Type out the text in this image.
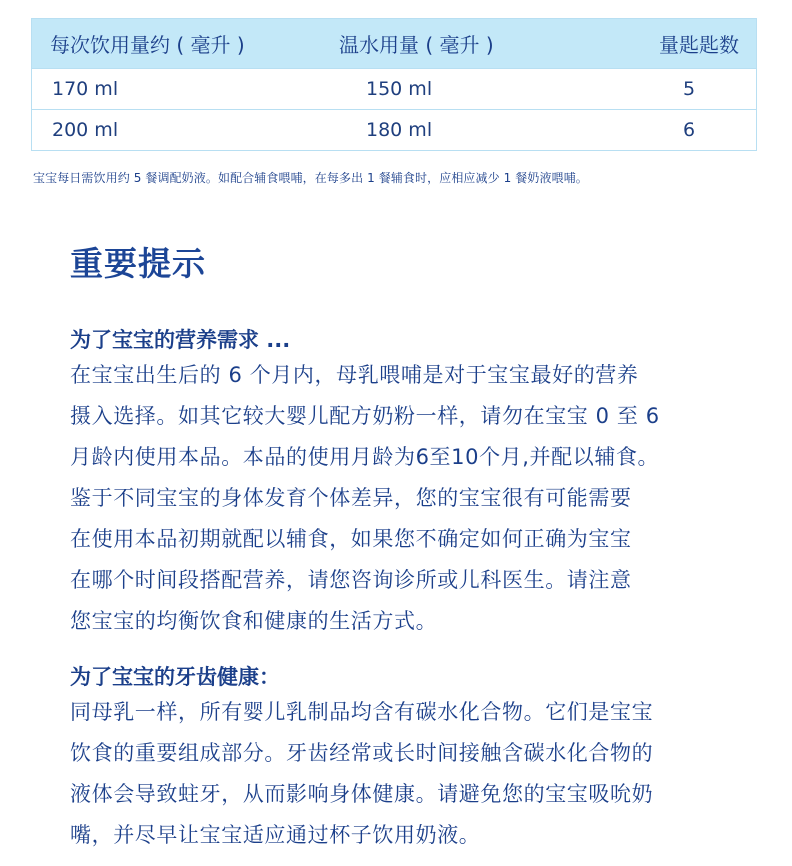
每次饮用量约 ( 毫升 )	温水用量 ( 毫升 )	量匙匙数
170 ml	150 ml	5
200 ml	180 ml	6
宝宝每日需饮用约 5 餐调配奶液。如配合辅食喂哺，在每多出 1 餐辅食时，应相应减少 1 餐奶液喂哺。
重要提示

为了宝宝的营养需求 ...

在宝宝出生后的 6 个月内，母乳喂哺是对于宝宝最好的营养
摄入选择。如其它较大婴儿配方奶粉一样，请勿在宝宝 0 至 6
月龄内使用本品。本品的使用月龄为6至10个月,并配以辅食。
鉴于不同宝宝的身体发育个体差异，您的宝宝很有可能需要
在使用本品初期就配以辅食，如果您不确定如何正确为宝宝
在哪个时间段搭配营养，请您咨询诊所或儿科医生。请注意
您宝宝的均衡饮食和健康的生活方式。

为了宝宝的牙齿健康：

同母乳一样，所有婴儿乳制品均含有碳水化合物。它们是宝宝
饮食的重要组成部分。牙齿经常或长时间接触含碳水化合物的
液体会导致蛀牙，从而影响身体健康。请避免您的宝宝吸吮奶
嘴，并尽早让宝宝适应通过杯子饮用奶液。
